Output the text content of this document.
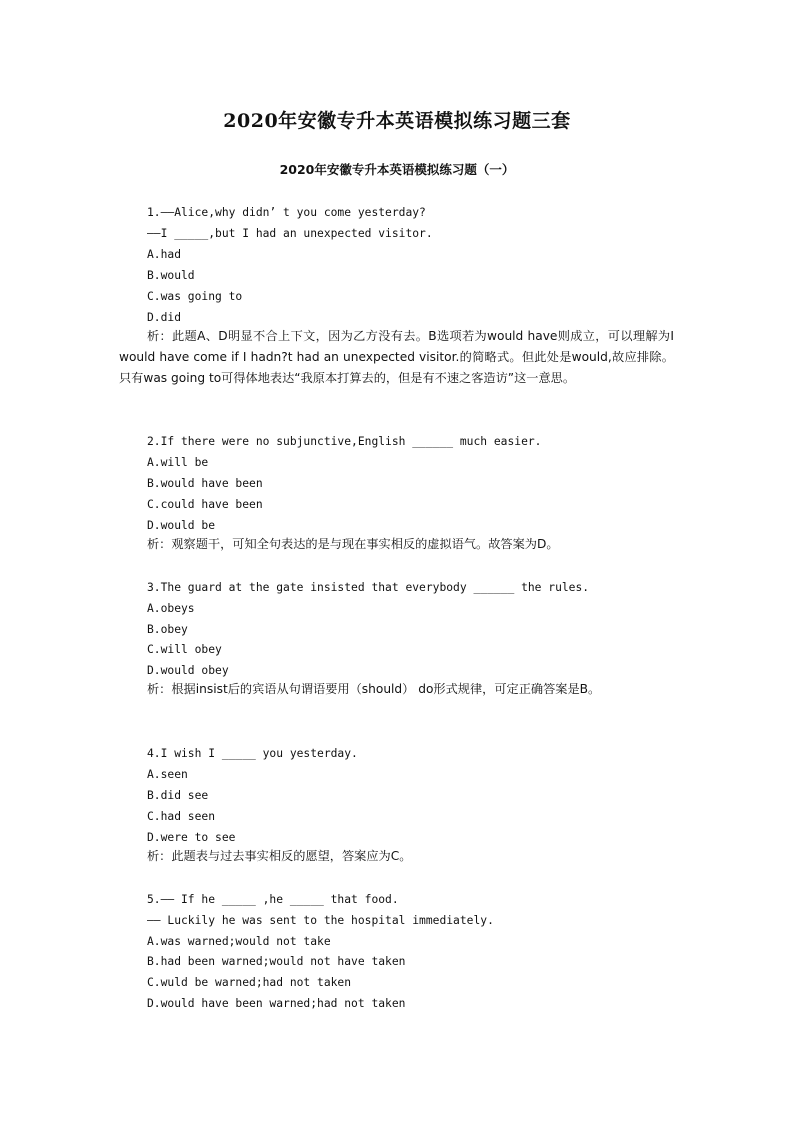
2020年安徽专升本英语模拟练习题三套
2020年安徽专升本英语模拟练习题（一）
1.——Alice,why didn’ t you come yesterday?
——I _____,but I had an unexpected visitor.
A.had
B.would
C.was going to
D.did
析：此题A、D明显不合上下文，因为乙方没有去。B选项若为would have则成立，可以理解为I would have come if I hadn?t had an unexpected visitor.的简略式。但此处是would,故应排除。只有was going to可得体地表达“我原本打算去的，但是有不速之客造访”这一意思。
2.If there were no subjunctive,English ______ much easier.
A.will be
B.would have been
C.could have been
D.would be
析：观察题干，可知全句表达的是与现在事实相反的虚拟语气。故答案为D。
3.The guard at the gate insisted that everybody ______ the rules.
A.obeys
B.obey
C.will obey
D.would obey
析：根据insist后的宾语从句谓语要用（should） do形式规律，可定正确答案是B。
4.I wish I _____ you yesterday.
A.seen
B.did see
C.had seen
D.were to see
析：此题表与过去事实相反的愿望，答案应为C。
5.—— If he _____ ,he _____ that food.
—— Luckily he was sent to the hospital immediately.
A.was warned;would not take
B.had been warned;would not have taken
C.wuld be warned;had not taken
D.would have been warned;had not taken
